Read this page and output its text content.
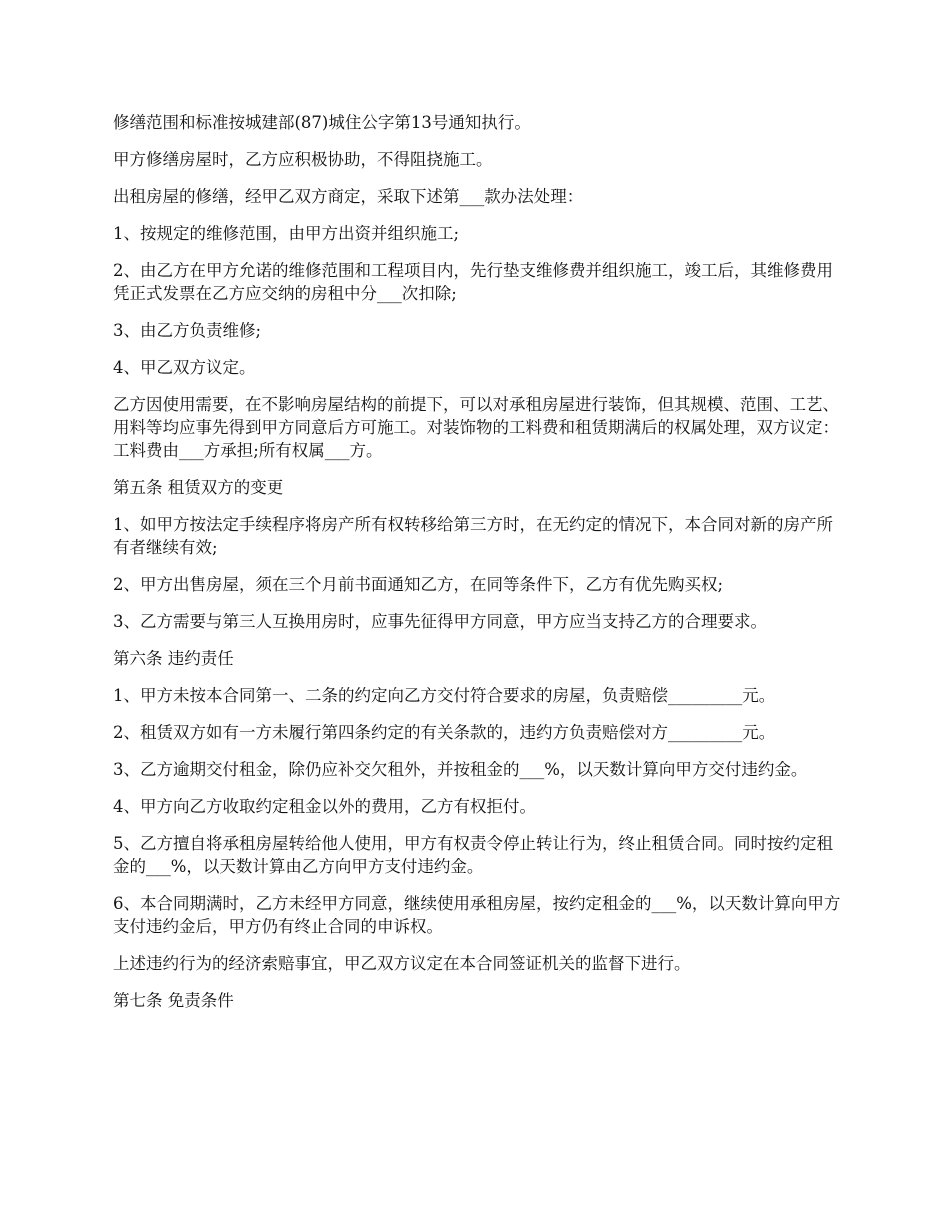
修缮范围和标准按城建部(87)城住公字第13号通知执行。

甲方修缮房屋时，乙方应积极协助，不得阻挠施工。

出租房屋的修缮，经甲乙双方商定，采取下述第___款办法处理：

1、按规定的维修范围，由甲方出资并组织施工;

2、由乙方在甲方允诺的维修范围和工程项目内，先行垫支维修费并组织施工，竣工后，其维修费用凭正式发票在乙方应交纳的房租中分___次扣除;

3、由乙方负责维修;

4、甲乙双方议定。

乙方因使用需要，在不影响房屋结构的前提下，可以对承租房屋进行装饰，但其规模、范围、工艺、用料等均应事先得到甲方同意后方可施工。对装饰物的工料费和租赁期满后的权属处理，双方议定：工料费由___方承担;所有权属___方。

第五条 租赁双方的变更

1、如甲方按法定手续程序将房产所有权转移给第三方时，在无约定的情况下，本合同对新的房产所有者继续有效;

2、甲方出售房屋，须在三个月前书面通知乙方，在同等条件下，乙方有优先购买权;

3、乙方需要与第三人互换用房时，应事先征得甲方同意，甲方应当支持乙方的合理要求。

第六条 违约责任

1、甲方未按本合同第一、二条的约定向乙方交付符合要求的房屋，负责赔偿_________元。

2、租赁双方如有一方未履行第四条约定的有关条款的，违约方负责赔偿对方_________元。

3、乙方逾期交付租金，除仍应补交欠租外，并按租金的___%，以天数计算向甲方交付违约金。

4、甲方向乙方收取约定租金以外的费用，乙方有权拒付。

5、乙方擅自将承租房屋转给他人使用，甲方有权责令停止转让行为，终止租赁合同。同时按约定租金的___%，以天数计算由乙方向甲方支付违约金。

6、本合同期满时，乙方未经甲方同意，继续使用承租房屋，按约定租金的___%，以天数计算向甲方支付违约金后，甲方仍有终止合同的申诉权。

上述违约行为的经济索赔事宜，甲乙双方议定在本合同签证机关的监督下进行。

第七条 免责条件
